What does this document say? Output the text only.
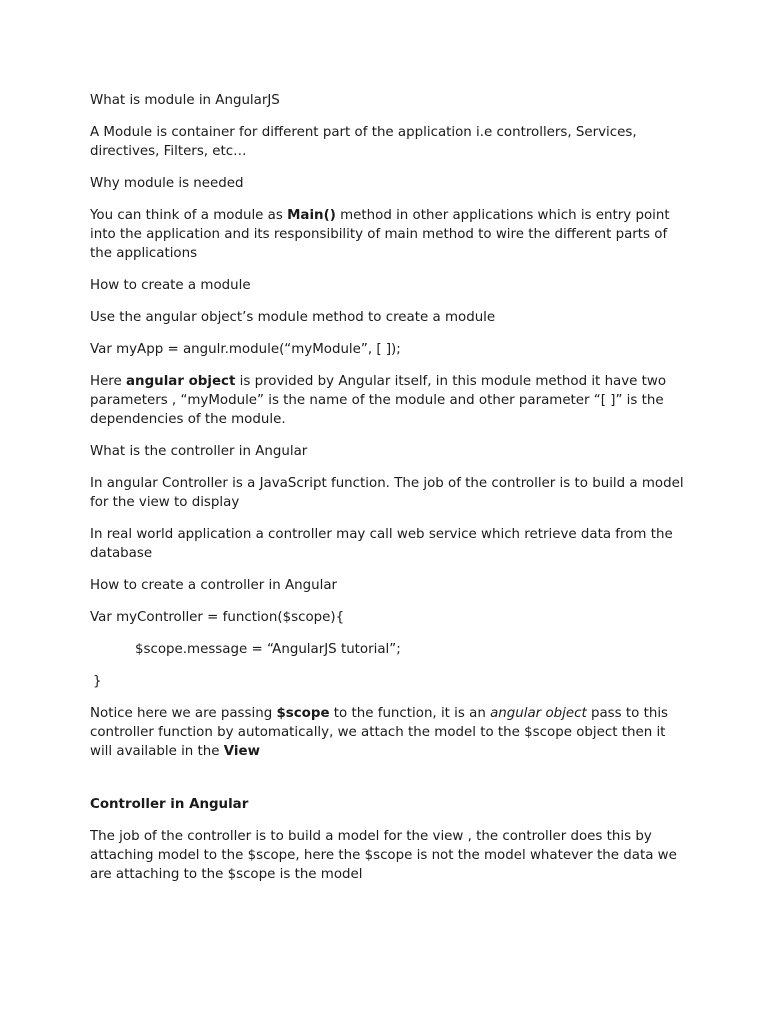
What is module in AngularJS

A Module is container for different part of the application i.e controllers, Services, directives, Filters, etc…

Why module is needed

You can think of a module as Main() method in other applications which is entry point into the application and its responsibility of main method to wire the different parts of the applications

How to create a module

Use the angular object’s module method to create a module

Var myApp = angulr.module(“myModule”, [ ]);

Here angular object is provided by Angular itself, in this module method it have two parameters , “myModule” is the name of the module and other parameter “[ ]” is the dependencies of the module.

What is the controller in Angular

In angular Controller is a JavaScript function. The job of the controller is to build a model for the view to display

In real world application a controller may call web service which retrieve data from the database

How to create a controller in Angular

Var myController = function($scope){

$scope.message = “AngularJS tutorial”;

}

Notice here we are passing $scope to the function, it is an angular object pass to this controller function by automatically, we attach the model to the $scope object then it will available in the View

Controller in Angular

The job of the controller is to build a model for the view , the controller does this by attaching model to the $scope, here the $scope is not the model whatever the data we are attaching to the $scope is the model
